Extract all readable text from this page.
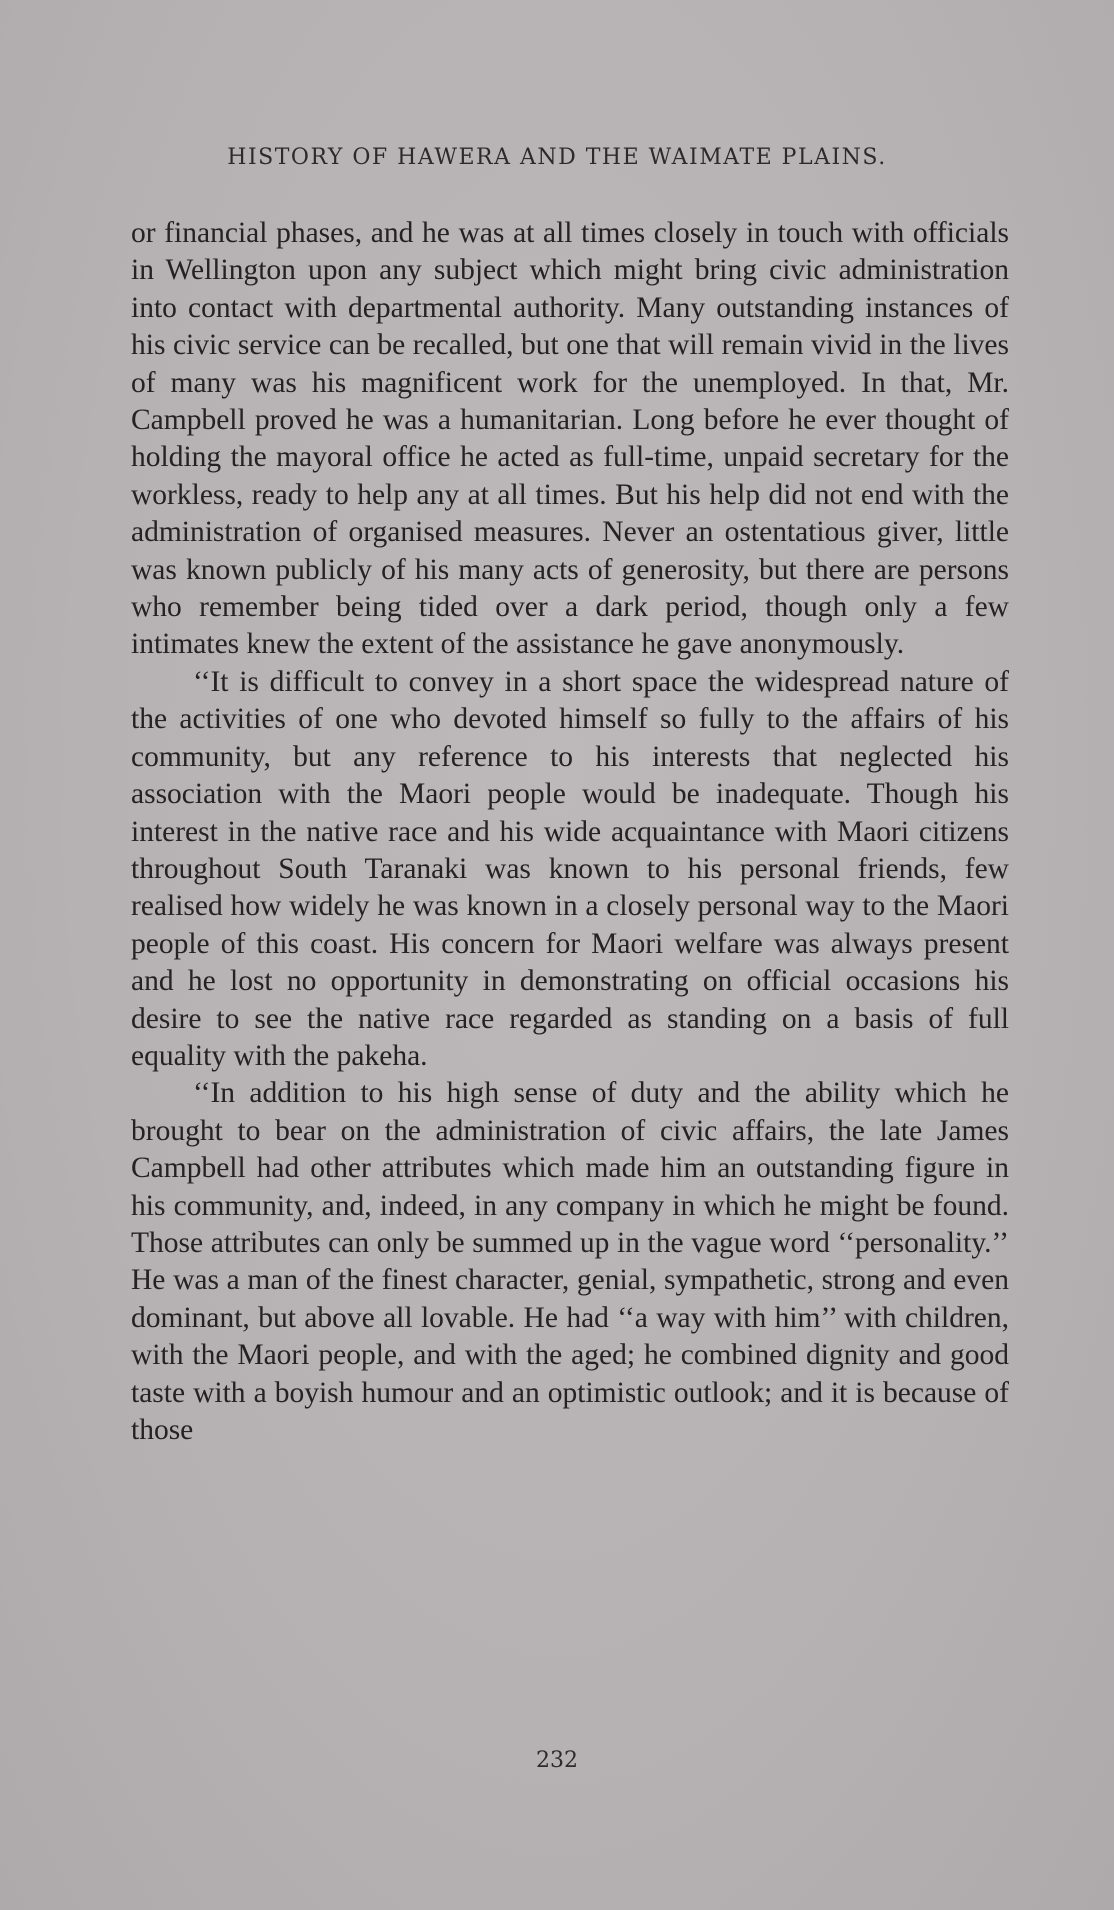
HISTORY OF HAWERA AND THE WAIMATE PLAINS.

or financial phases, and he was at all times closely in touch with officials in Wellington upon any subject which might bring civic administration into contact with departmental authority. Many outstanding instances of his civic service can be recalled, but one that will remain vivid in the lives of many was his magnificent work for the unemployed. In that, Mr. Campbell proved he was a humanitarian. Long before he ever thought of holding the mayoral office he acted as full-time, unpaid secretary for the workless, ready to help any at all times. But his help did not end with the administration of organised measures. Never an ostentatious giver, little was known publicly of his many acts of generosity, but there are persons who remember being tided over a dark period, though only a few intimates knew the extent of the assistance he gave anonymously.

‘‘It is difficult to convey in a short space the widespread nature of the activities of one who devoted himself so fully to the affairs of his community, but any reference to his interests that neglected his association with the Maori people would be inadequate. Though his interest in the native race and his wide acquaintance with Maori citizens throughout South Taranaki was known to his personal friends, few realised how widely he was known in a closely personal way to the Maori people of this coast. His concern for Maori welfare was always present and he lost no opportunity in demonstrating on official occasions his desire to see the native race regarded as standing on a basis of full equality with the pakeha.

‘‘In addition to his high sense of duty and the ability which he brought to bear on the administration of civic affairs, the late James Campbell had other attributes which made him an outstanding figure in his community, and, indeed, in any company in which he might be found. Those attributes can only be summed up in the vague word ‘‘personality.’’ He was a man of the finest character, genial, sympathetic, strong and even dominant, but above all lovable. He had ‘‘a way with him’’ with children, with the Maori people, and with the aged; he combined dignity and good taste with a boyish humour and an optimistic outlook; and it is because of those

232
